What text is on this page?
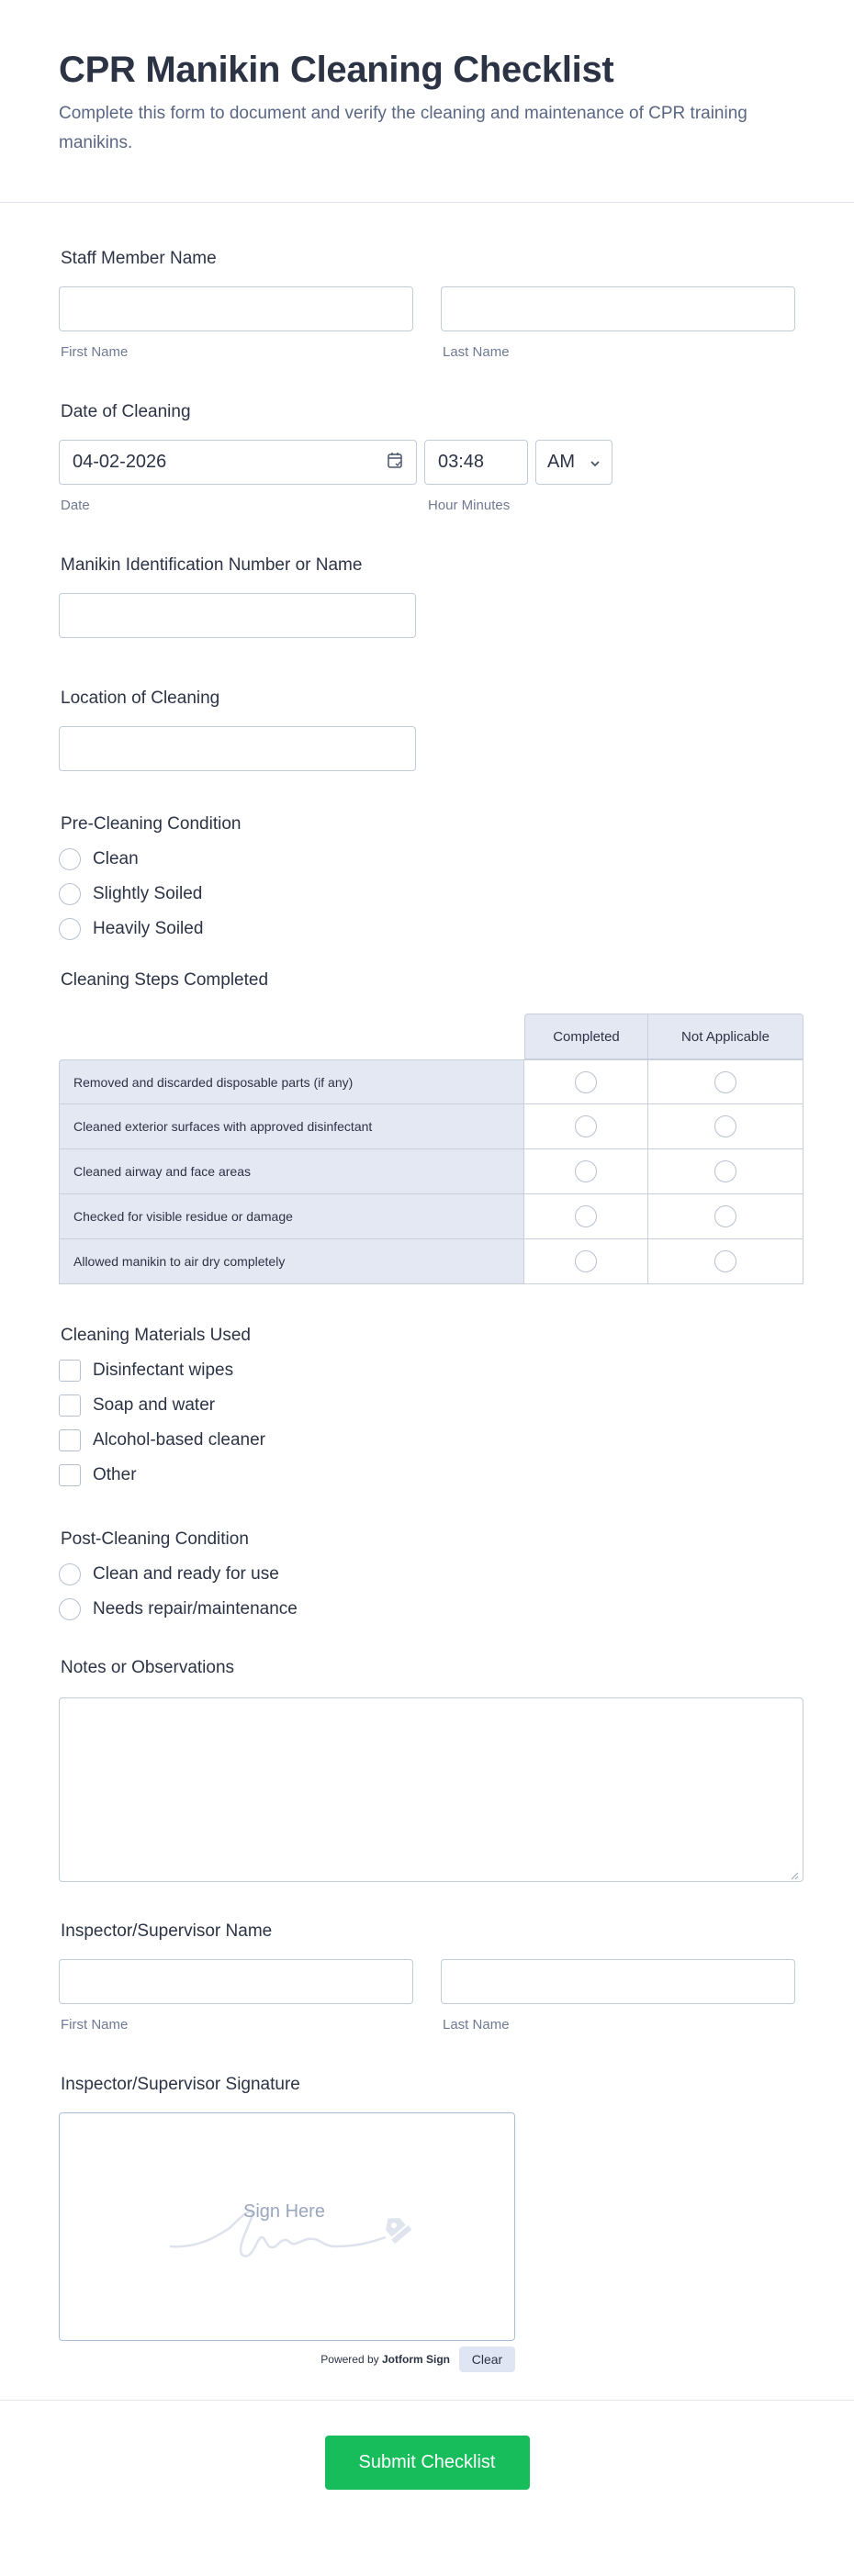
CPR Manikin Cleaning Checklist

Complete this form to document and verify the cleaning and maintenance of CPR training manikins.

Staff Member Name
First Name	Last Name
Date of Cleaning
04-02-2026	03:48	AM
Date	Hour Minutes
Manikin Identification Number or Name
Location of Cleaning
Pre-Cleaning Condition
Clean
Slightly Soiled
Heavily Soiled
Cleaning Steps Completed
	Completed	Not Applicable
Removed and discarded disposable parts (if any)		
Cleaned exterior surfaces with approved disinfectant		
Cleaned airway and face areas		
Checked for visible residue or damage		
Allowed manikin to air dry completely		
Cleaning Materials Used
Disinfectant wipes
Soap and water
Alcohol-based cleaner
Other
Post-Cleaning Condition
Clean and ready for use
Needs repair/maintenance
Notes or Observations
Inspector/Supervisor Name
First Name	Last Name
Inspector/Supervisor Signature
Sign Here
Powered by Jotform Sign	Clear
Submit Checklist
